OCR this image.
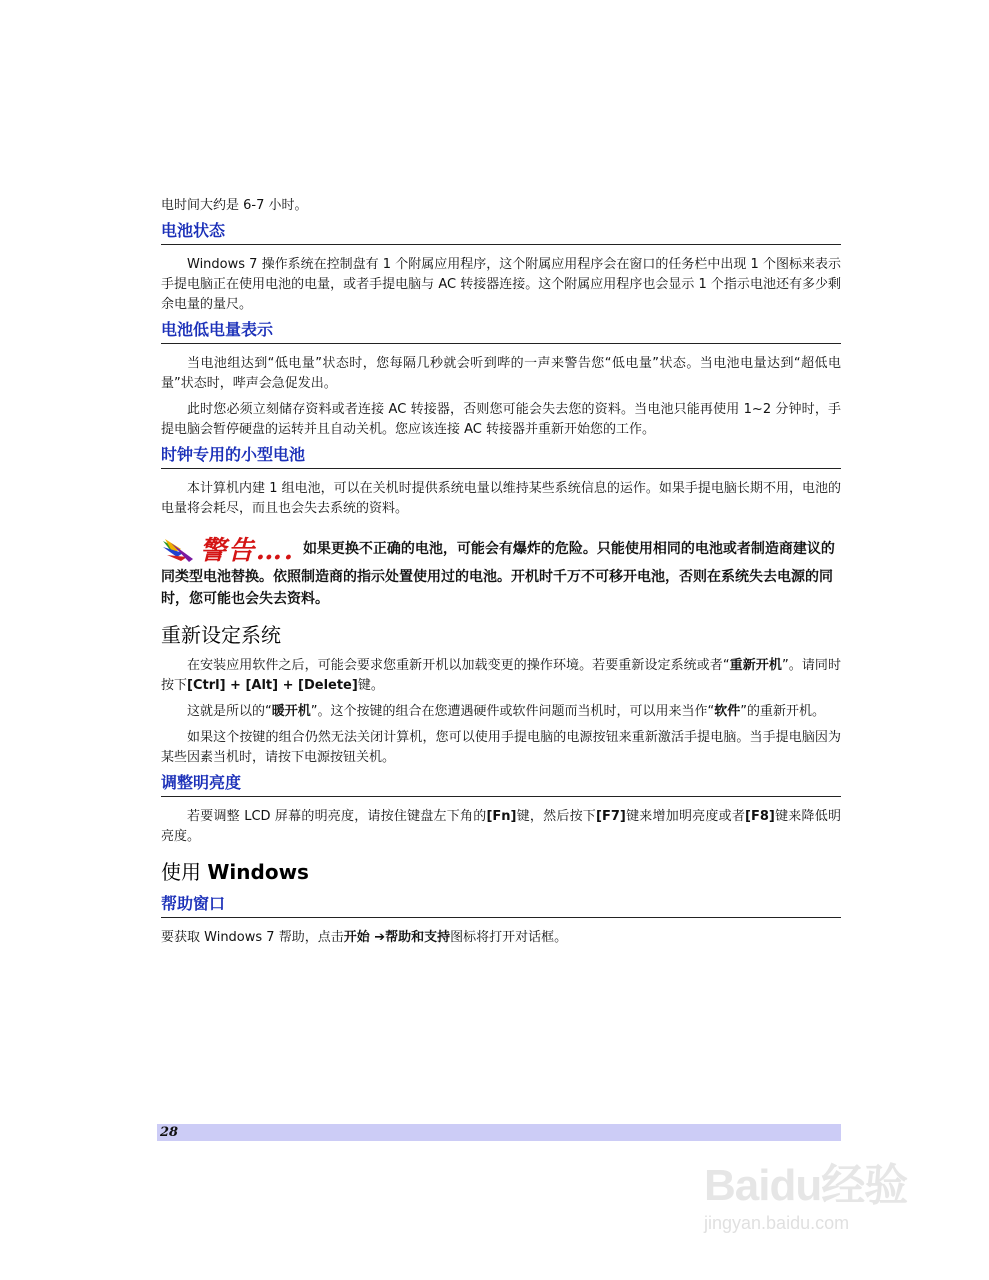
电时间大约是 6-7 小时。

电池状态

Windows 7 操作系统在控制盘有 1 个附属应用程序，这个附属应用程序会在窗口的任务栏中出现 1 个图标来表示手提电脑正在使用电池的电量，或者手提电脑与 AC 转接器连接。这个附属应用程序也会显示 1 个指示电池还有多少剩余电量的量尺。

电池低电量表示

当电池组达到“低电量”状态时，您每隔几秒就会听到哔的一声来警告您“低电量”状态。当电池电量达到“超低电量”状态时，哔声会急促发出。

此时您必须立刻储存资料或者连接 AC 转接器，否则您可能会失去您的资料。当电池只能再使用 1~2 分钟时，手提电脑会暂停硬盘的运转并且自动关机。您应该连接 AC 转接器并重新开始您的工作。

时钟专用的小型电池

本计算机内建 1 组电池，可以在关机时提供系统电量以维持某些系统信息的运作。如果手提电脑长期不用，电池的电量将会耗尽，而且也会失去系统的资料。

警告…. 如果更换不正确的电池，可能会有爆炸的危险。只能使用相同的电池或者制造商建议的同类型电池替换。依照制造商的指示处置使用过的电池。开机时千万不可移开电池，否则在系统失去电源的同时，您可能也会失去资料。
重新设定系统

在安装应用软件之后，可能会要求您重新开机以加载变更的操作环境。若要重新设定系统或者“重新开机”。请同时按下[Ctrl] + [Alt] + [Delete]键。

这就是所以的“暖开机”。这个按键的组合在您遭遇硬件或软件问题而当机时，可以用来当作“软件”的重新开机。

如果这个按键的组合仍然无法关闭计算机，您可以使用手提电脑的电源按钮来重新激活手提电脑。当手提电脑因为某些因素当机时，请按下电源按钮关机。

调整明亮度

若要调整 LCD 屏幕的明亮度，请按住键盘左下角的[Fn]键，然后按下[F7]键来增加明亮度或者[F8]键来降低明亮度。

使用 Windows
帮助窗口

要获取 Windows 7 帮助，点击开始 ➔帮助和支持图标将打开对话框。

28
Baidu经验
jingyan.baidu.com
